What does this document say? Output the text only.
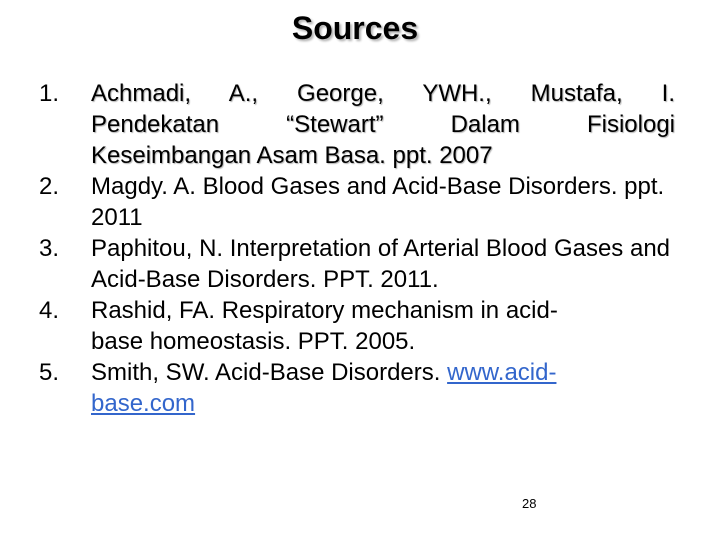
Sources
1. Achmadi, A., George, YWH., Mustafa, I.
Pendekatan “Stewart” Dalam Fisiologi
Keseimbangan Asam Basa. ppt. 2007
2. Magdy. A. Blood Gases and Acid-Base Disorders. ppt. 2011
3. Paphitou, N. Interpretation of Arterial Blood Gases and Acid-Base Disorders. PPT. 2011.
4. Rashid, FA. Respiratory mechanism in acid-
base homeostasis. PPT. 2005.
5. Smith, SW. Acid-Base Disorders. www.acid-
base.com
28
